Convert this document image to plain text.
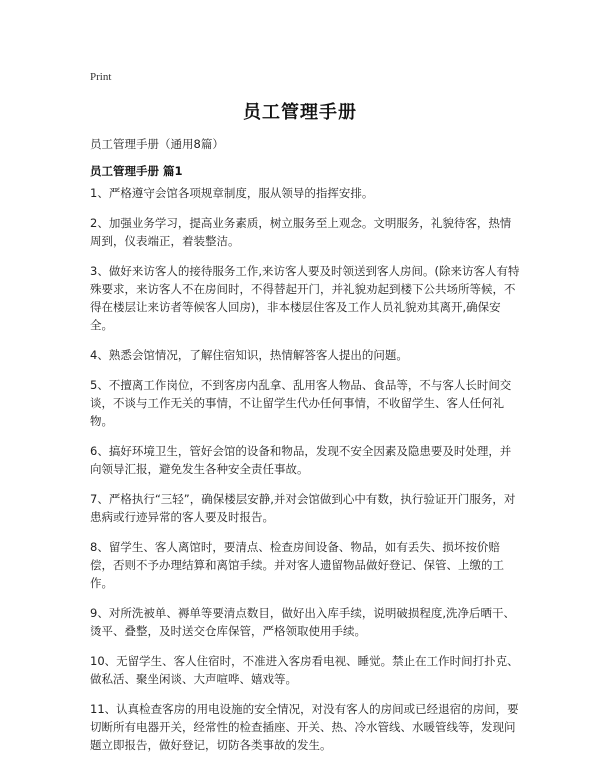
Print
员工管理手册
员工管理手册（通用8篇）
员工管理手册 篇1

1、严格遵守会馆各项规章制度，服从领导的指挥安排。

2、加强业务学习，提高业务素质，树立服务至上观念。文明服务，礼貌待客，热情周到，仪表端正，着装整洁。

3、做好来访客人的接待服务工作,来访客人要及时领送到客人房间。(除来访客人有特殊要求，来访客人不在房间时，不得替起开门，并礼貌劝起到楼下公共场所等候，不得在楼层让来访者等候客人回房)，非本楼层住客及工作人员礼貌劝其离开,确保安全。

4、熟悉会馆情况，了解住宿知识，热情解答客人提出的问题。

5、不擅离工作岗位，不到客房内乱拿、乱用客人物品、食品等，不与客人长时间交谈，不谈与工作无关的事情，不让留学生代办任何事情，不收留学生、客人任何礼物。

6、搞好环境卫生，管好会馆的设备和物品，发现不安全因素及隐患要及时处理，并向领导汇报，避免发生各种安全责任事故。

7、严格执行“三轻”，确保楼层安静,并对会馆做到心中有数，执行验证开门服务，对患病或行迹异常的客人要及时报告。

8、留学生、客人离馆时，要清点、检查房间设备、物品，如有丢失、损坏按价赔偿，否则不予办理结算和离馆手续。并对客人遗留物品做好登记、保管、上缴的工作。

9、对所洗被单、褥单等要清点数目，做好出入库手续，说明破损程度,洗净后晒干、烫平、叠整，及时送交仓库保管，严格领取使用手续。

10、无留学生、客人住宿时，不准进入客房看电视、睡觉。禁止在工作时间打扑克、做私活、聚坐闲谈、大声喧哗、嬉戏等。

11、认真检查客房的用电设施的安全情况，对没有客人的房间或已经退宿的房间，要切断所有电器开关，经常性的检查插座、开关、热、冷水管线、水暖管线等，发现问题立即报告，做好登记，切防各类事故的发生。
